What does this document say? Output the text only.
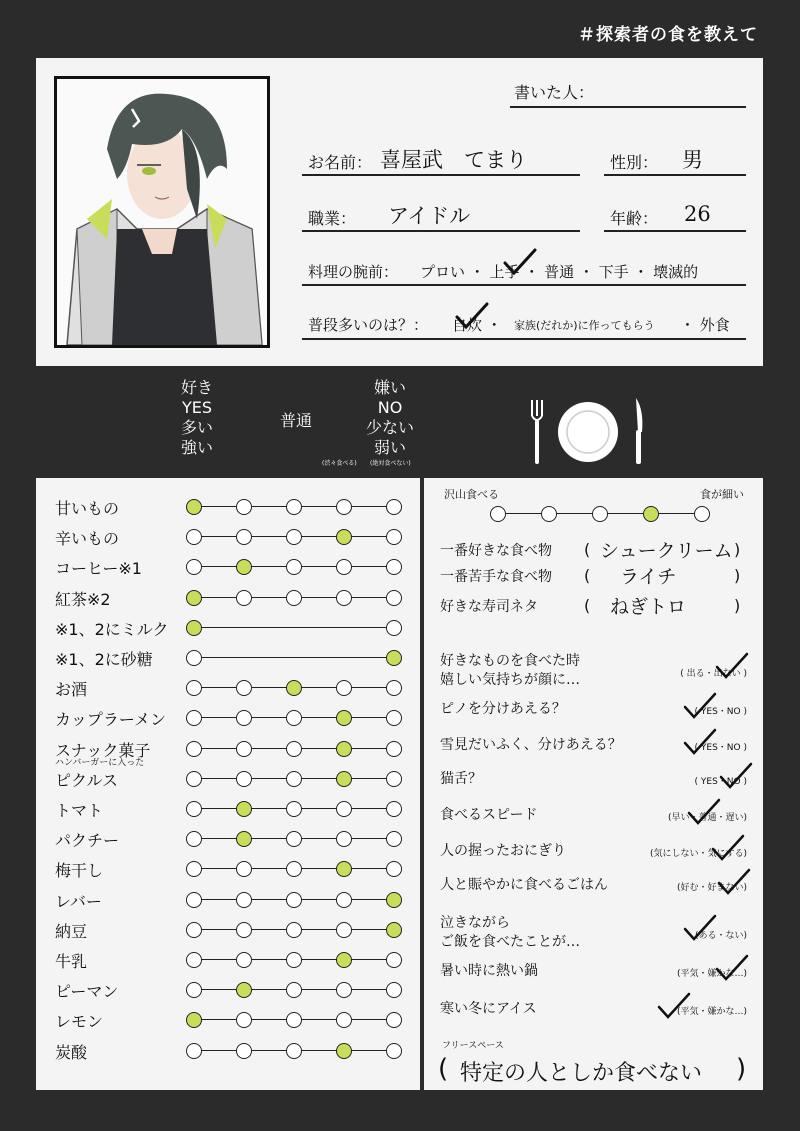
＃探索者の食を教えて
書いた人：
お名前： 喜屋武　てまり	性別： 男
職業： アイドル	年齢： 26
料理の腕前： プロい ・ 上手 ・ 普通 ・ 下手 ・ 壊滅的
普段多いのは？： 自炊 ・ 家族(だれか)に作ってもらう ・ 外食
好き
YES
多い
強い
普通
嫌い
NO
少ない
弱い
(渋々食べる) (絶対食べない)
甘いもの
辛いもの
コーヒー※1
紅茶※2
※1、2にミルク
※1、2に砂糖
お酒
カップラーメン
スナック菓子
ハンバーガーに入った
ピクルス
トマト
パクチー
梅干し
レバー
納豆
牛乳
ピーマン
レモン
炭酸
沢山食べる	食が細い
一番好きな食べ物 ( シュークリーム )
一番苦手な食べ物 ( ライチ	)
好きな寿司ネタ	( ねぎトロ	)
好きなものを食べた時
嬉しい気持ちが顔に…	( 出る・出ない )
ピノを分けあえる？	( YES・NO )
雪見だいふく、分けあえる？	( YES・NO )
猫舌？	( YES・NO )
食べるスピード	(早い・普通・遅い)
人の握ったおにぎり	(気にしない・気にする)
人と賑やかに食べるごはん	(好む・好まない)
泣きながら
ご飯を食べたことが…	(ある・ない)
暑い時に熱い鍋	(平気・嫌かな…)
寒い冬にアイス	(平気・嫌かな…)
フリースペース
( 特定の人としか食べない )
